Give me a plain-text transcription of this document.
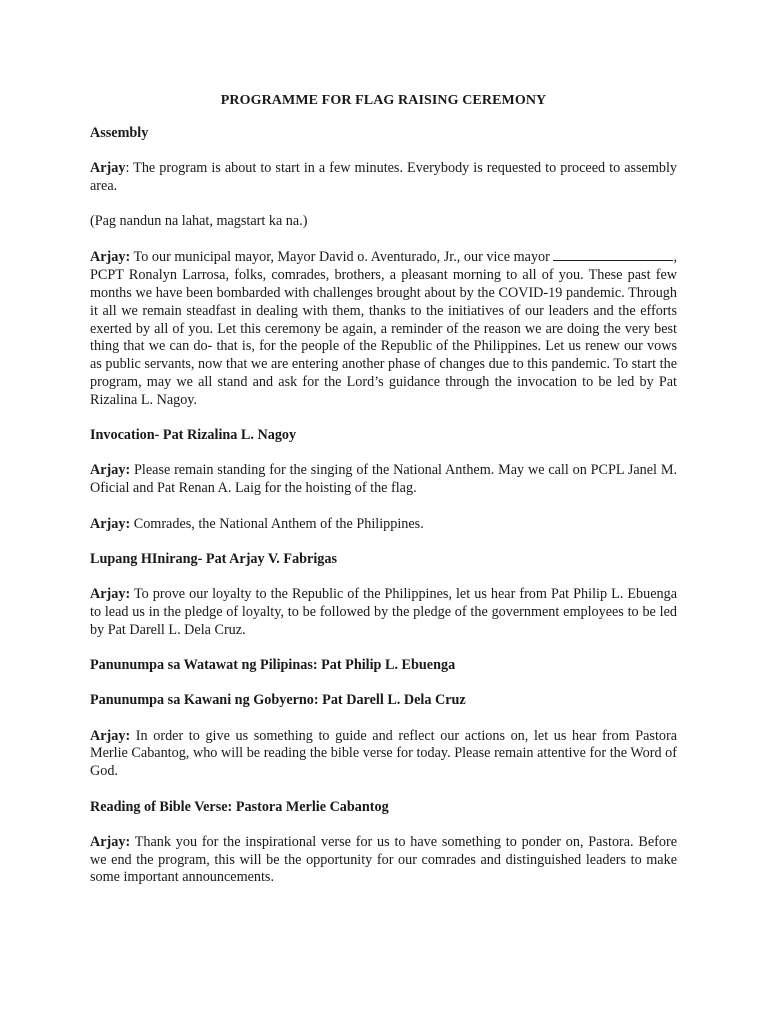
PROGRAMME FOR FLAG RAISING CEREMONY
Assembly

Arjay: The program is about to start in a few minutes. Everybody is requested to proceed to assembly area.

(Pag nandun na lahat, magstart ka na.)

Arjay: To our municipal mayor, Mayor David o. Aventurado, Jr., our vice mayor	, PCPT Ronalyn Larrosa, folks, comrades, brothers, a pleasant morning to all of you. These past few months we have been bombarded with challenges brought about by the COVID-19 pandemic. Through it all we remain steadfast in dealing with them, thanks to the initiatives of our leaders and the efforts exerted by all of you. Let this ceremony be again, a reminder of the reason we are doing the very best thing that we can do- that is, for the people of the Republic of the Philippines. Let us renew our vows as public servants, now that we are entering another phase of changes due to this pandemic. To start the program, may we all stand and ask for the Lord’s guidance through the invocation to be led by Pat Rizalina L. Nagoy.

Invocation- Pat Rizalina L. Nagoy

Arjay: Please remain standing for the singing of the National Anthem. May we call on PCPL Janel M. Oficial and Pat Renan A. Laig for the hoisting of the flag.

Arjay: Comrades, the National Anthem of the Philippines.

Lupang HInirang- Pat Arjay V. Fabrigas

Arjay: To prove our loyalty to the Republic of the Philippines, let us hear from Pat Philip L. Ebuenga to lead us in the pledge of loyalty, to be followed by the pledge of the government employees to be led by Pat Darell L. Dela Cruz.

Panunumpa sa Watawat ng Pilipinas: Pat Philip L. Ebuenga
Panunumpa sa Kawani ng Gobyerno: Pat Darell L. Dela Cruz

Arjay: In order to give us something to guide and reflect our actions on, let us hear from Pastora Merlie Cabantog, who will be reading the bible verse for today. Please remain attentive for the Word of God.

Reading of Bible Verse: Pastora Merlie Cabantog

Arjay: Thank you for the inspirational verse for us to have something to ponder on, Pastora. Before we end the program, this will be the opportunity for our comrades and distinguished leaders to make some important announcements.
